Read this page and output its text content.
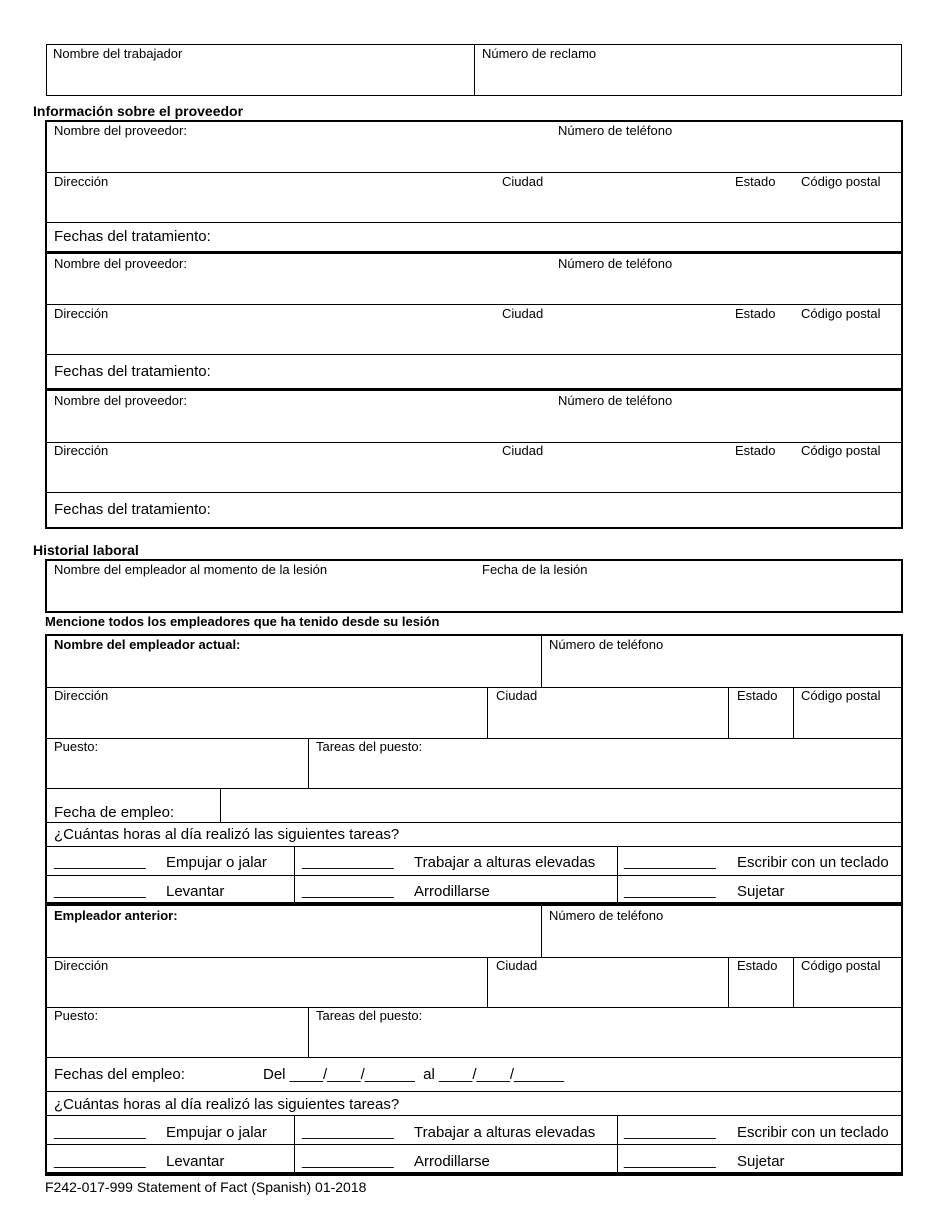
Nombre del trabajador	Número de reclamo
Información sobre el proveedor
Nombre del proveedor:	Número de teléfono
Dirección	Ciudad	Estado Código postal
Fechas del tratamiento:
Nombre del proveedor:	Número de teléfono
Dirección	Ciudad	Estado Código postal
Fechas del tratamiento:
Nombre del proveedor:	Número de teléfono
Dirección	Ciudad	Estado Código postal
Fechas del tratamiento:
Historial laboral
Nombre del empleador al momento de la lesión	Fecha de la lesión
Mencione todos los empleadores que ha tenido desde su lesión
Nombre del empleador actual:	Número de teléfono
Dirección	Ciudad	Estado Código postal
Puesto:	Tareas del puesto:
Fecha de empleo:
¿Cuántas horas al día realizó las siguientes tareas?
___________ Empujar o jalar ___________ Trabajar a alturas elevadas ___________ Escribir con un teclado
___________ Levantar	___________ Arrodillarse	___________ Sujetar
Empleador anterior:	Número de teléfono
Dirección	Ciudad	Estado Código postal
Puesto:	Tareas del puesto:
Fechas del empleo:	Del ____/____/______  al ____/____/______
¿Cuántas horas al día realizó las siguientes tareas?
___________ Empujar o jalar ___________ Trabajar a alturas elevadas ___________ Escribir con un teclado
___________ Levantar	___________ Arrodillarse	___________ Sujetar
F242-017-999 Statement of Fact (Spanish) 01-2018
